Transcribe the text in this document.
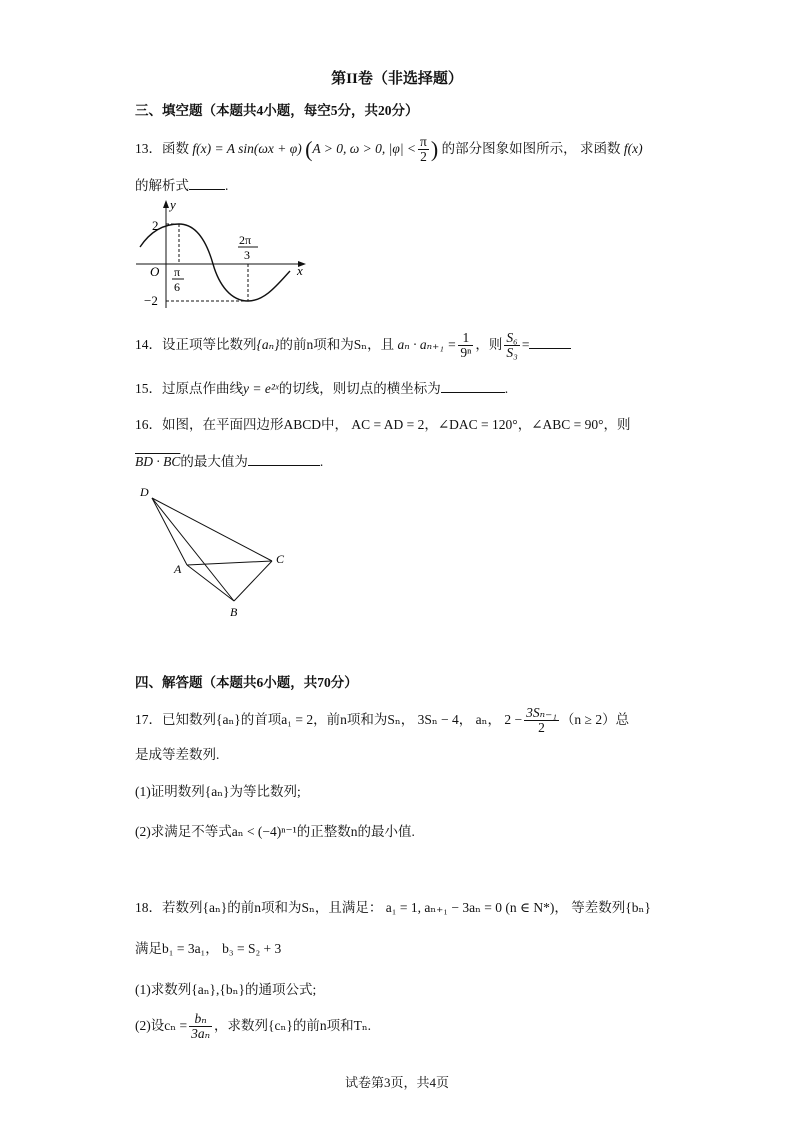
第II卷（非选择题）
三、填空题（本题共4小题，每空5分，共20分）
13．函数 f(x) = A sin(ωx + φ) (A > 0, ω > 0, $|\varphi| < \frac{\pi}{2}$ ) 的部分图象如图所示， 求函数 f(x)
的解析式	.
y
x
O
2
−2
π
6
2π
3
14．设正项等比数列{aₙ}的前n项和为Sₙ，且 $a_n \cdot a_{n+1} = \frac{1}{\text{9ⁿ}}$ ，则 $\frac{\text{S₆}}{\text{S₃}}$ =
15．过原点作曲线y = e²ˣ的切线，则切点的横坐标为	.
16．如图，在平面四边形ABCD中， AC = AD = 2，∠DAC = 120°，∠ABC = 90°，则
BD · BC的最大值为	.
D
A
C
B
四、解答题（本题共6小题，共70分）
17．已知数列{aₙ}的首项a₁ = 2，前n项和为Sₙ， 3Sₙ − 4， aₙ， $2 - \frac{\text{3Sₙ₋₁}}{2} (n \ge 2)$总
是成等差数列.
(1)证明数列{aₙ}为等比数列;
(2)求满足不等式aₙ < (−4)ⁿ⁻¹的正整数n的最小值.
18．若数列{aₙ}的前n项和为Sₙ，且满足： a₁ = 1, aₙ₊₁ − 3aₙ = 0 (n ∈ N*)， 等差数列{bₙ}
满足b₁ = 3a₁， b₃ = S₂ + 3
(1)求数列{aₙ},{bₙ}的通项公式;
(2)设$c_n = \frac{\text{bₙ}}{\text{3aₙ}}$ ，求数列{cₙ}的前n项和Tₙ.
试卷第3页，共4页
